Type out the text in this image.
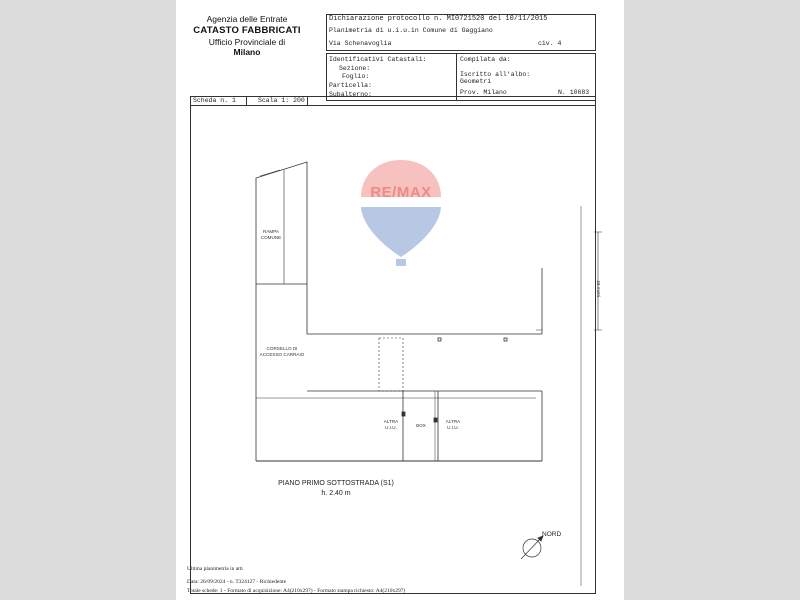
Agenzia delle Entrate
CATASTO FABBRICATI
Ufficio Provinciale di
Milano
Dichiarazione protocollo n. MI0721520 del 10/11/2015
Planimetria di u.i.u.in Comune di Gaggiano
Via Schenavoglia	civ. 4
Identificativi Catastali:
Sezione:
Foglio:
Particella:
Subalterno:
Compilata da:
Iscritto all'albo:
Geometri
Prov. Milano	N. 10683
Scheda n. 1	Scala 1: 200
RE/MAX
RAMPA
COMUNE
CORSELLO DI
ACCESSO CARRAIO
ALTRA
U.I.U.	BOX
ALTRA
U.I.U.
18 metri
PIANO PRIMO SOTTOSTRADA (S1)
h. 2.40 m
NORD
Ultima planimetria in atti
Data: 26/09/2024 - n. T324127 - Richiedente
Totale schede: 1 - Formato di acquisizione: A4(210x297) - Formato stampa richiesto: A4(210x297)
